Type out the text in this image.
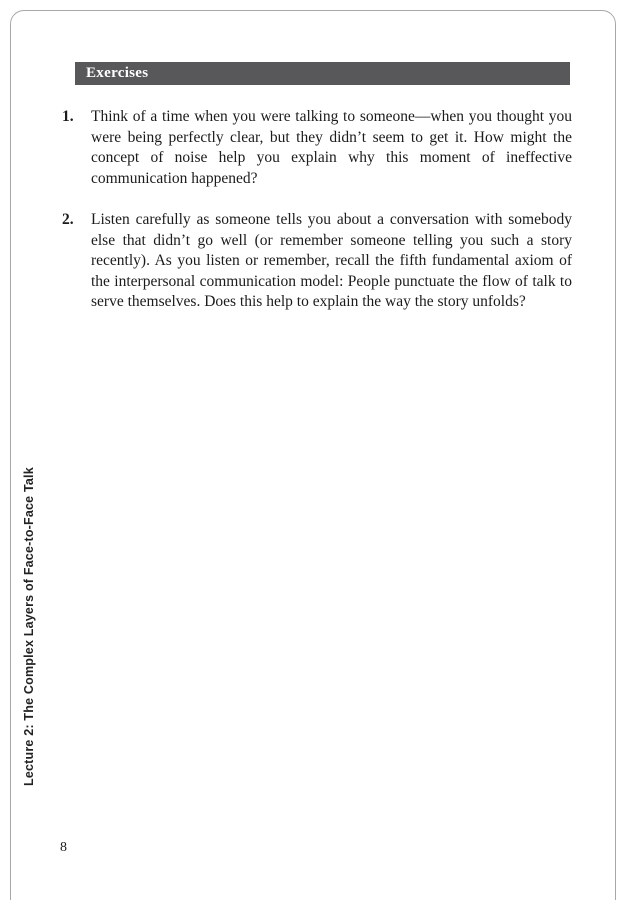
Lecture 2: The Complex Layers of Face-to-Face Talk
Exercises
1.	Think of a time when you were talking to someone—when you thought you were being perfectly clear, but they didn’t seem to get it. How might the concept of noise help you explain why this moment of ineffective communication happened?
2.	Listen carefully as someone tells you about a conversation with somebody else that didn’t go well (or remember someone telling you such a story recently). As you listen or remember, recall the fifth fundamental axiom of the interpersonal communication model: People punctuate the flow of talk to serve themselves. Does this help to explain the way the story unfolds?
8
